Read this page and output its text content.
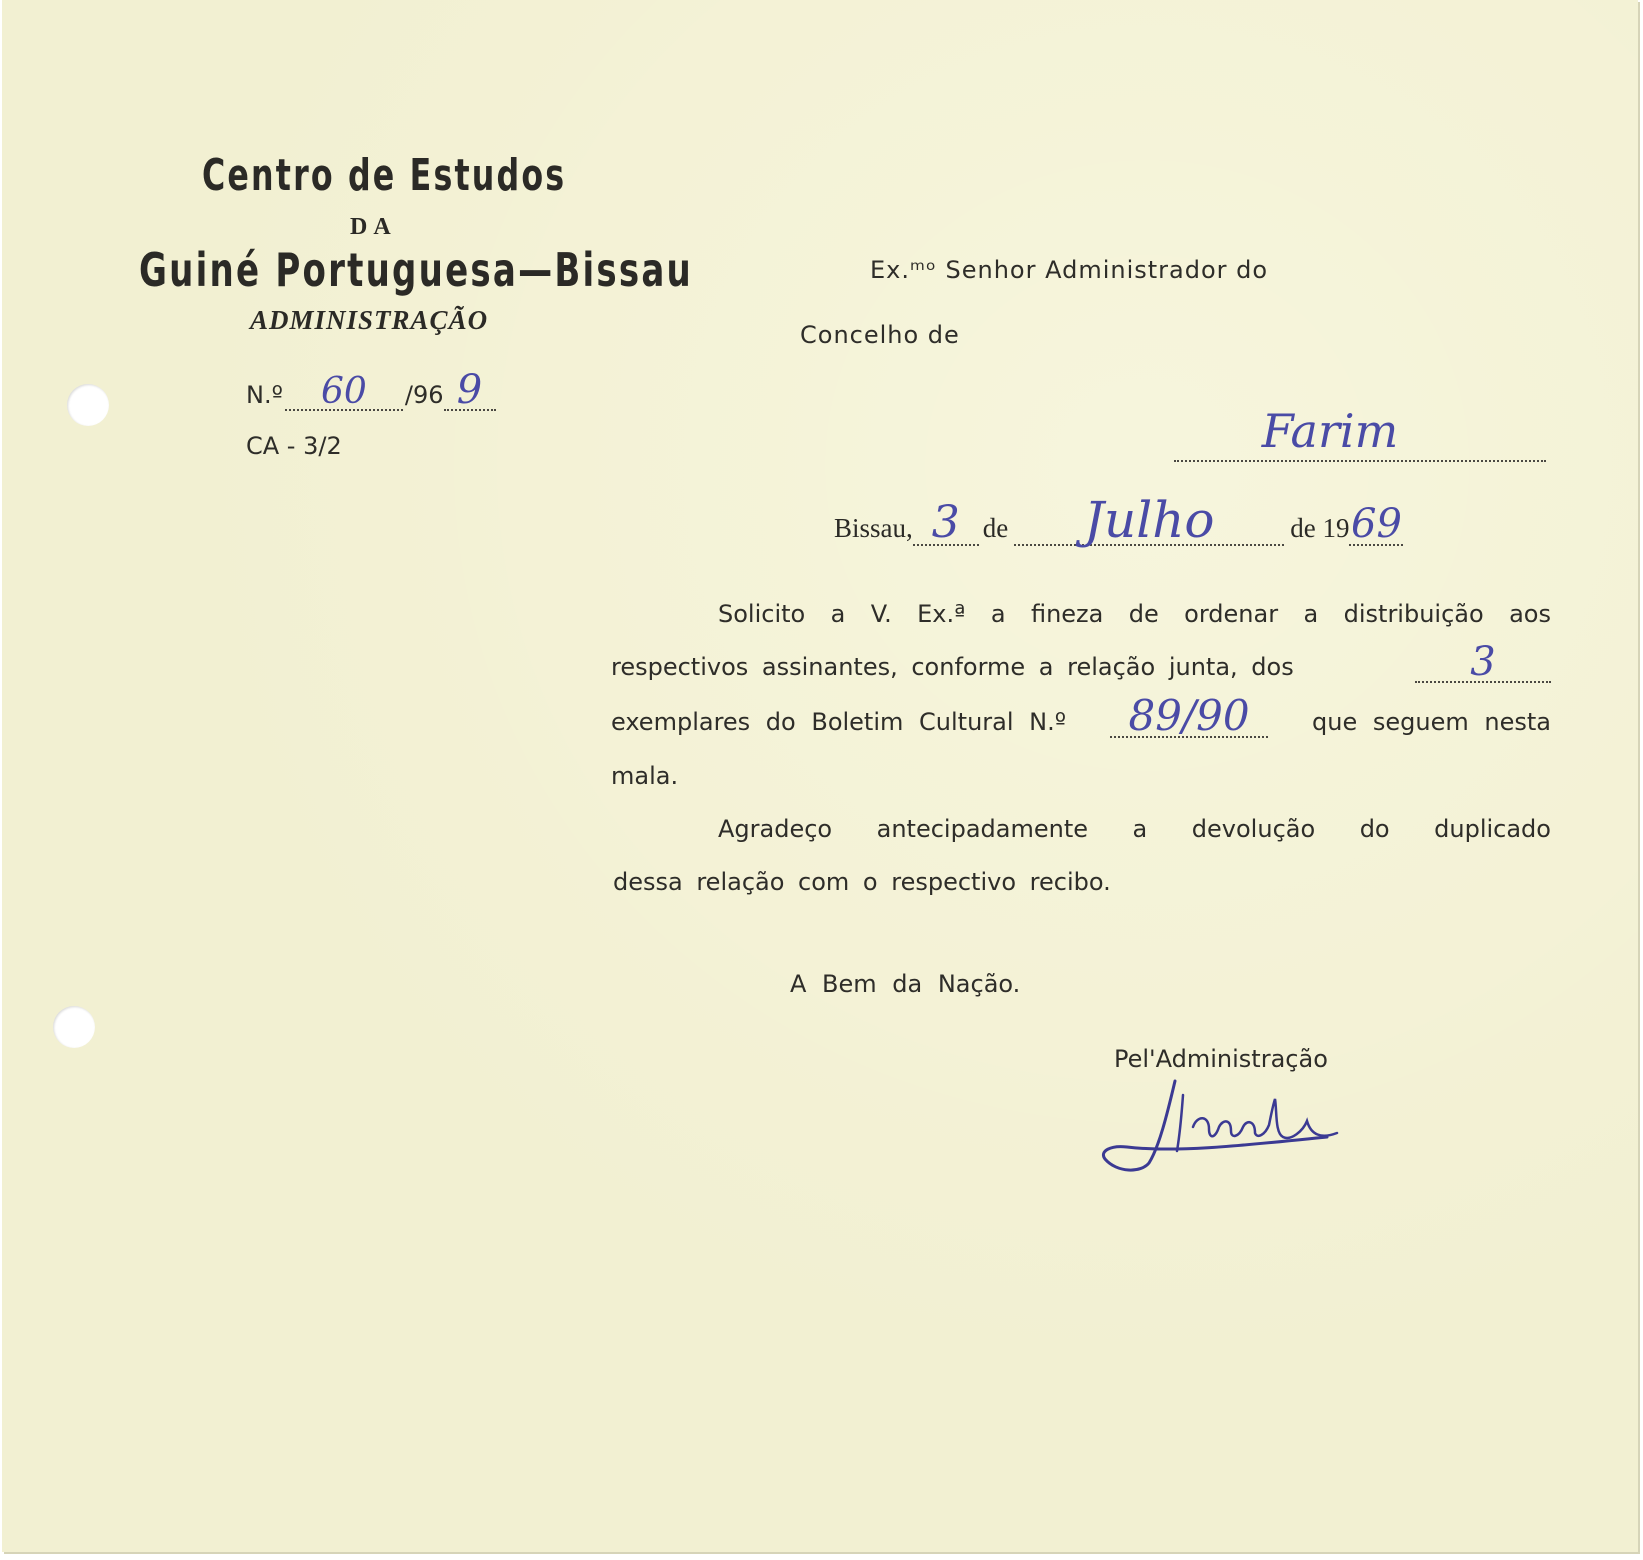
Centro de Estudos
DA
Guiné Portuguesa—Bissau
ADMINISTRAÇÃO
N.º	60	/96 9
CA - 3/2
Ex.ᵐᵒ Senhor Administrador do
Concelho de
Farim
Bissau, 3 de	Julho	de 19 69
Solicito a V. Ex.ª a fineza de ordenar a distribuição aos
respectivos assinantes, conforme a relação junta, dos	3
exemplares do Boletim Cultural N.º	89/90	que seguem nesta
mala.
Agradeço antecipadamente a devolução do duplicado
dessa relação com o respectivo recibo.
A Bem da Nação.
Pel'Administração
